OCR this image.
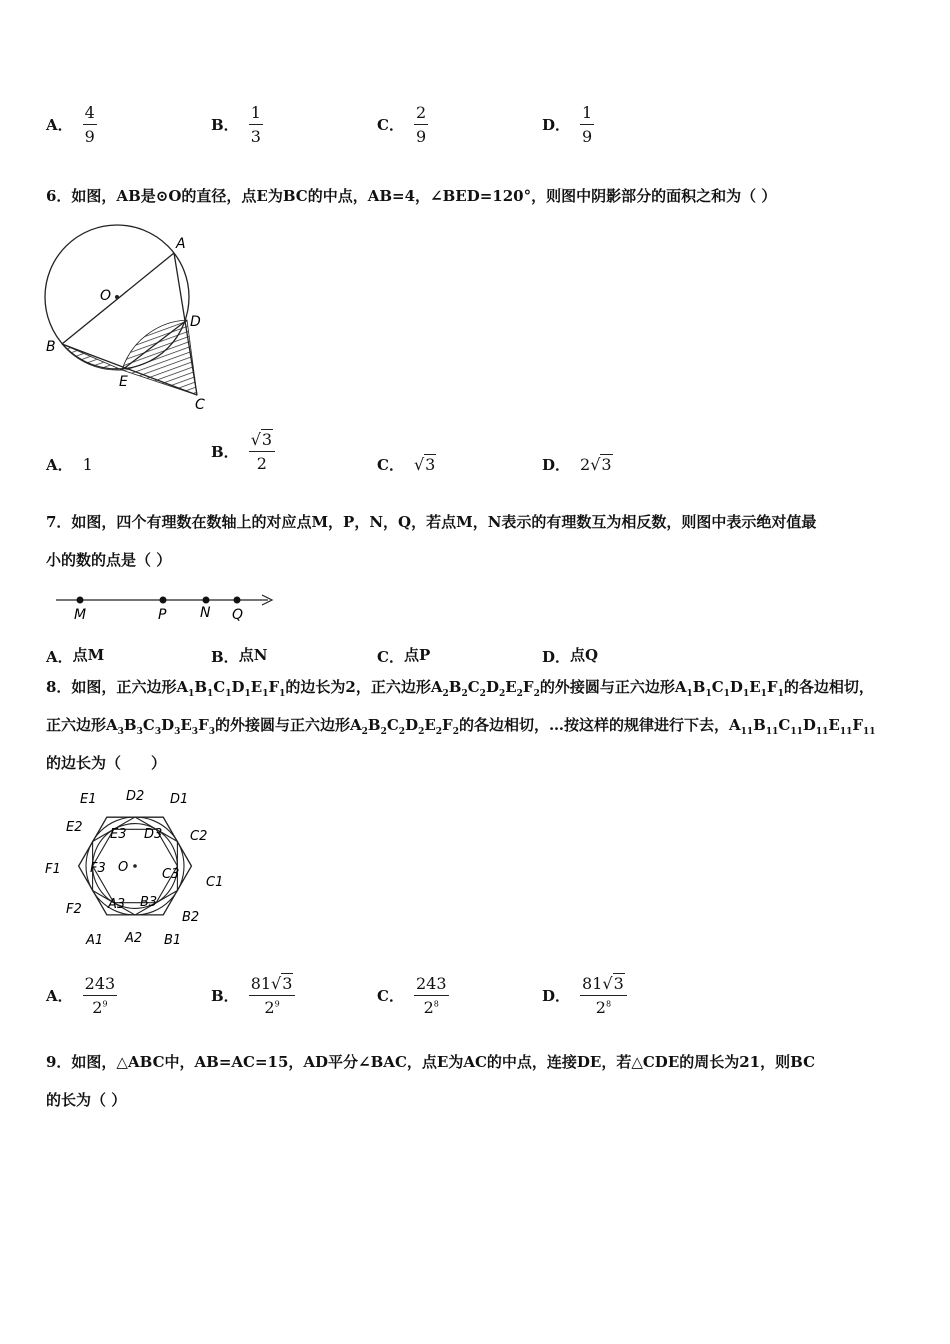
A． $\frac{4}{9}$	B． $\frac{1}{3}$	C． $\frac{2}{9}$	D． $\frac{1}{9}$
6．如图，AB是⊙O的直径，点E为BC的中点，AB=4，∠BED=120°，则图中阴影部分的面积之和为（ ）
A
O
D
B
E
C
A． 1
B． $\frac{√3}{2}$	C． √3	D． 2√3
7．如图，四个有理数在数轴上的对应点M，P，N，Q，若点M，N表示的有理数互为相反数，则图中表示绝对值最
小的数的点是（ ）
M	P N Q
A．点M	B．点N	C．点P	D．点Q
8．如图，正六边形$A_1B_1C_1D_1E_1F_1$的边长为2，正六边形$A_2B_2C_2D_2E_2F_2$的外接圆与正六边形$A_1B_1C_1D_1E_1F_1$的各边相切，
正六边形$A_3B_3C_3D_3E_3F_3$的外接圆与正六边形$A_2B_2C_2D_2E_2F_2$的各边相切，…按这样的规律进行下去，$A_{11}B_{11}C_{11}D_{11}E_{11}F_{11}$
的边长为（　　）
E1 D2 D1
E2 E3 D3 C2
F1 F3 O	C3
C1
F2 A3 B3
B2
A1 A2 B1
A． $\frac{243}{2^9}$	B． $\frac{81√3}{2^9}$	C． $\frac{243}{2^8}$	D． $\frac{81√3}{2^8}$
9．如图，△ABC中，AB=AC=15，AD平分∠BAC，点E为AC的中点，连接DE，若△CDE的周长为21，则BC
的长为（ ）
